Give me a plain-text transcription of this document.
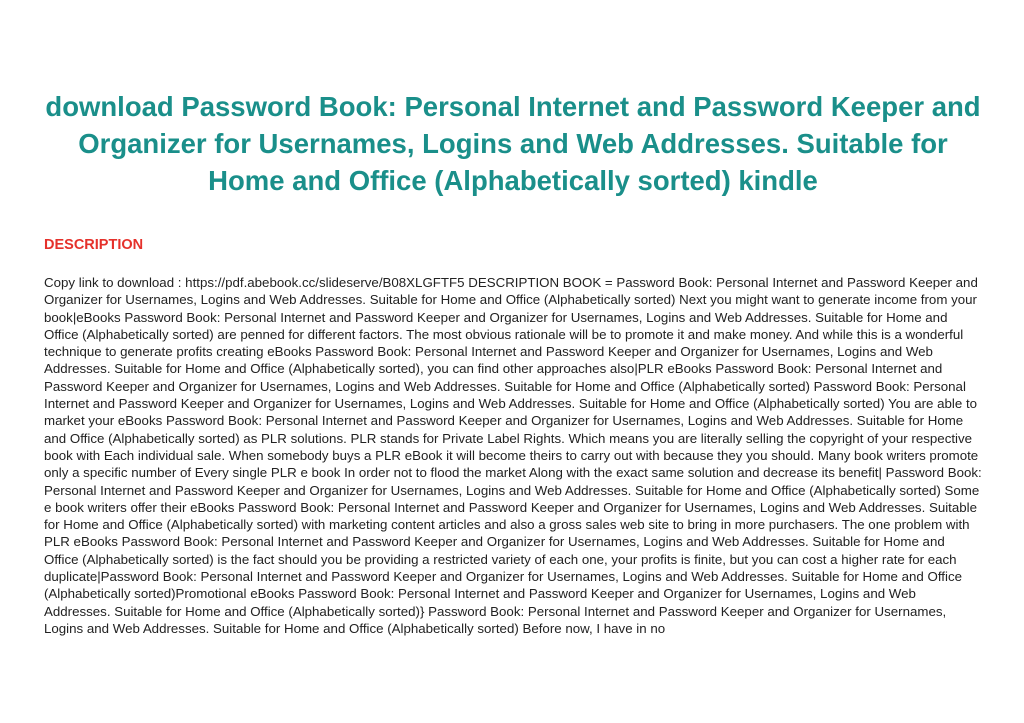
download Password Book: Personal Internet and Password Keeper and Organizer for Usernames, Logins and Web Addresses. Suitable for Home and Office (Alphabetically sorted) kindle
DESCRIPTION

Copy link to download : https://pdf.abebook.cc/slideserve/B08XLGFTF5 DESCRIPTION BOOK = Password Book: Personal Internet and Password Keeper and Organizer for Usernames, Logins and Web Addresses. Suitable for Home and Office (Alphabetically sorted) Next you might want to generate income from your book|eBooks Password Book: Personal Internet and Password Keeper and Organizer for Usernames, Logins and Web Addresses. Suitable for Home and Office (Alphabetically sorted) are penned for different factors. The most obvious rationale will be to promote it and make money. And while this is a wonderful technique to generate profits creating eBooks Password Book: Personal Internet and Password Keeper and Organizer for Usernames, Logins and Web Addresses. Suitable for Home and Office (Alphabetically sorted), you can find other approaches also|PLR eBooks Password Book: Personal Internet and Password Keeper and Organizer for Usernames, Logins and Web Addresses. Suitable for Home and Office (Alphabetically sorted) Password Book: Personal Internet and Password Keeper and Organizer for Usernames, Logins and Web Addresses. Suitable for Home and Office (Alphabetically sorted) You are able to market your eBooks Password Book: Personal Internet and Password Keeper and Organizer for Usernames, Logins and Web Addresses. Suitable for Home and Office (Alphabetically sorted) as PLR solutions. PLR stands for Private Label Rights. Which means you are literally selling the copyright of your respective book with Each individual sale. When somebody buys a PLR eBook it will become theirs to carry out with because they you should. Many book writers promote only a specific number of Every single PLR e book In order not to flood the market Along with the exact same solution and decrease its benefit| Password Book: Personal Internet and Password Keeper and Organizer for Usernames, Logins and Web Addresses. Suitable for Home and Office (Alphabetically sorted) Some e book writers offer their eBooks Password Book: Personal Internet and Password Keeper and Organizer for Usernames, Logins and Web Addresses. Suitable for Home and Office (Alphabetically sorted) with marketing content articles and also a gross sales web site to bring in more purchasers. The one problem with PLR eBooks Password Book: Personal Internet and Password Keeper and Organizer for Usernames, Logins and Web Addresses. Suitable for Home and Office (Alphabetically sorted) is the fact should you be providing a restricted variety of each one, your profits is finite, but you can cost a higher rate for each duplicate|Password Book: Personal Internet and Password Keeper and Organizer for Usernames, Logins and Web Addresses. Suitable for Home and Office (Alphabetically sorted)Promotional eBooks Password Book: Personal Internet and Password Keeper and Organizer for Usernames, Logins and Web Addresses. Suitable for Home and Office (Alphabetically sorted)} Password Book: Personal Internet and Password Keeper and Organizer for Usernames, Logins and Web Addresses. Suitable for Home and Office (Alphabetically sorted) Before now, I have in no
